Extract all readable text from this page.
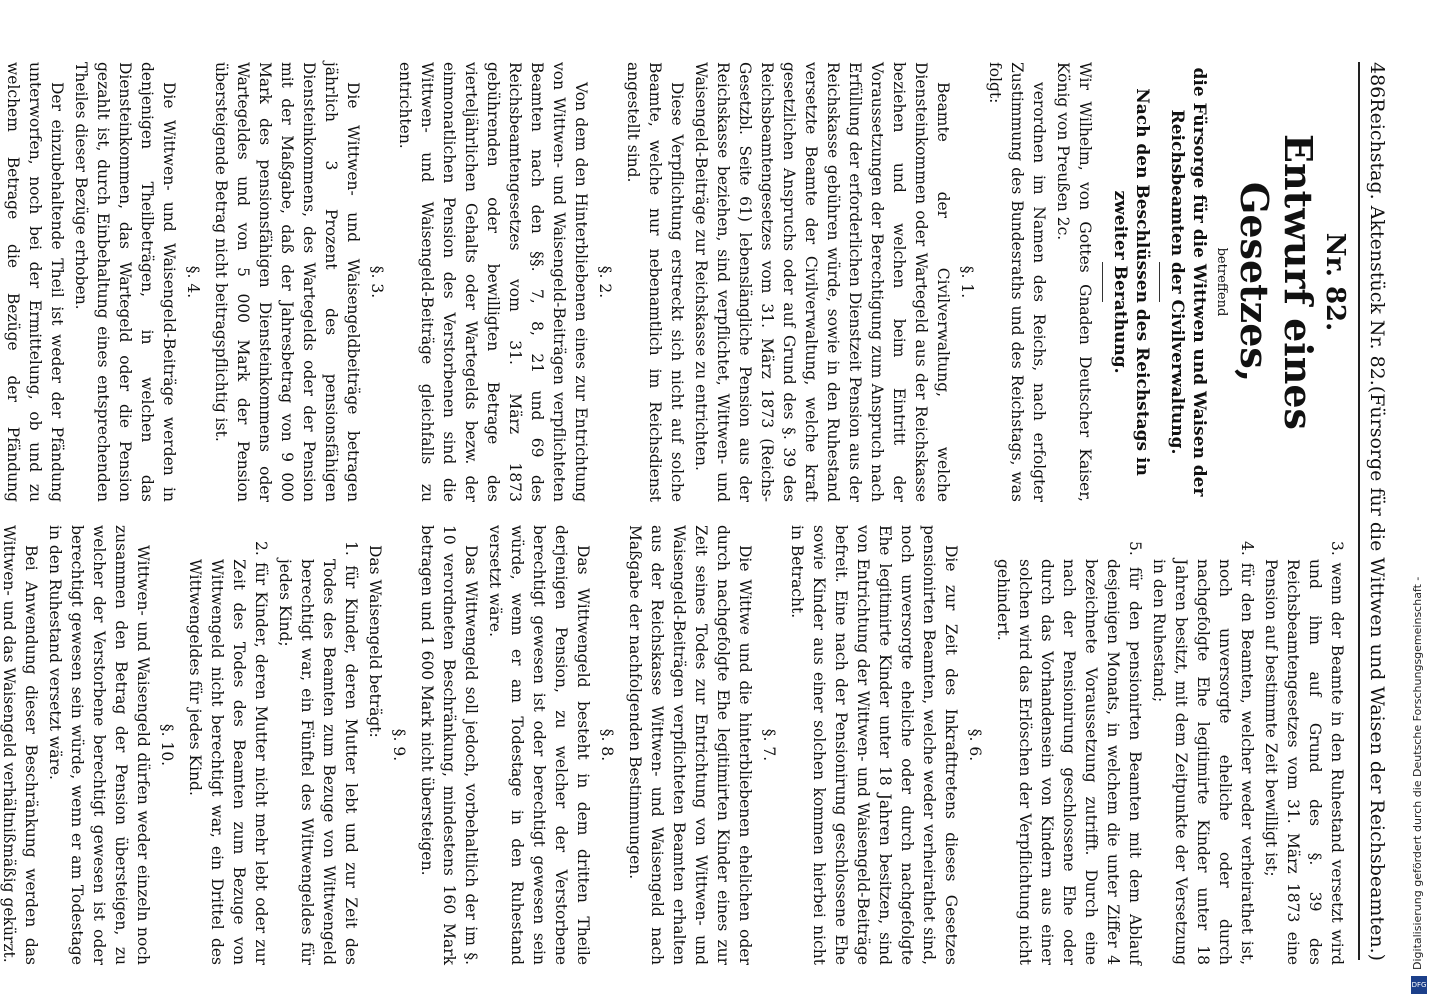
486
Reichstag. Aktenstück Nr. 82.
(Fürsorge für die Wittwen und Waisen der Reichsbeamten.)
Nr. 82.
Entwurf eines Gesetzes,
betreffend
die Fürsorge für die Wittwen und Waisen der Reichsbeamten der Civilverwaltung.
Nach den Beschlüssen des Reichstags in zweiter Berathung.

Wir Wilhelm, von Gottes Gnaden Deutscher Kaiser, König von Preußen 2c.

verordnen im Namen des Reichs, nach erfolgter Zustimmung des Bundesraths und des Reichstags, was folgt:

§. 1.

Beamte der Civilverwaltung, welche Diensteinkommen oder Wartegeld aus der Reichskasse beziehen und welchen beim Eintritt der Voraussetzungen der Berechtigung zum Anspruch nach Erfüllung der erforderlichen Dienstzeit Pension aus der Reichskasse gebühren würde, sowie in den Ruhestand versetzte Beamte der Civilverwaltung, welche kraft gesetzlichen Anspruchs oder auf Grund des §. 39 des Reichsbeamtengesetzes vom 31. März 1873 (Reichs-Gesetzbl. Seite 61) lebenslängliche Pension aus der Reichskasse beziehen, sind verpflichtet, Wittwen- und Waisengeld-Beiträge zur Reichskasse zu entrichten.

Diese Verpflichtung erstreckt sich nicht auf solche Beamte, welche nur nebenamtlich im Reichsdienst angestellt sind.

§. 2.

Von dem den Hinterbliebenen eines zur Entrichtung von Wittwen- und Waisengeld-Beiträgen verpflichteten Beamten nach den §§. 7, 8, 21 und 69 des Reichsbeamtengesetzes vom 31. März 1873 gebührenden oder bewilligten Betrage des vierteljährlichen Gehalts oder Wartegelds bezw. der einmonatlichen Pension des Verstorbenen sind die Wittwen- und Waisengeld-Beiträge gleichfalls zu entrichten.

§. 3.

Die Wittwen- und Waisengeldbeiträge betragen jährlich 3 Prozent des pensionsfähigen Diensteinkommens, des Wartegelds oder der Pension mit der Maßgabe, daß der Jahresbetrag von 9 000 Mark des pensionsfähigen Diensteinkommens oder Wartegeldes und von 5 000 Mark der Pension übersteigende Betrag nicht beitragspflichtig ist.

§. 4.

Die Wittwen- und Waisengeld-Beiträge werden in denjenigen Theilbeträgen, in welchen das Diensteinkommen, das Wartegeld oder die Pension gezahlt ist, durch Einbehaltung eines entsprechenden Theiles dieser Bezüge erhoben.

Der einzubehaltende Theil ist weder der Pfändung unterworfen, noch bei der Ermittelung, ob und zu welchem Betrage die Bezüge der Pfändung

3. wenn der Beamte in den Ruhestand versetzt wird und ihm auf Grund des §. 39 des Reichsbeamtengesetzes vom 31. März 1873 eine Pension auf bestimmte Zeit bewilligt ist;

4. für den Beamten, welcher weder verheirathet ist, noch unversorgte eheliche oder durch nachgefolgte Ehe legitimirte Kinder unter 18 Jahren besitzt, mit dem Zeitpunkte der Versetzung in den Ruhestand;

5. für den pensionirten Beamten mit dem Ablauf desjenigen Monats, in welchem die unter Ziffer 4 bezeichnete Voraussetzung zutrifft. Durch eine nach der Pensionirung geschlossene Ehe oder durch das Vorhandensein von Kindern aus einer solchen wird das Erlöschen der Verpflichtung nicht gehindert.

§. 6.

Die zur Zeit des Inkrafttretens dieses Gesetzes pensionirten Beamten, welche weder verheirathet sind, noch unversorgte eheliche oder durch nachgefolgte Ehe legitimirte Kinder unter 18 Jahren besitzen, sind von Entrichtung der Wittwen- und Waisengeld-Beiträge befreit. Eine nach der Pensionirung geschlossene Ehe sowie Kinder aus einer solchen kommen hierbei nicht in Betracht.

§. 7.

Die Wittwe und die hinterbliebenen ehelichen oder durch nachgefolgte Ehe legitimirten Kinder eines zur Zeit seines Todes zur Entrichtung von Wittwen- und Waisengeld-Beiträgen verpflichteten Beamten erhalten aus der Reichskasse Wittwen- und Waisengeld nach Maßgabe der nachfolgenden Bestimmungen.

§. 8.

Das Wittwengeld besteht in dem dritten Theile derjenigen Pension, zu welcher der Verstorbene berechtigt gewesen ist oder berechtigt gewesen sein würde, wenn er am Todestage in den Ruhestand versetzt wäre.

Das Wittwengeld soll jedoch, vorbehaltlich der im §. 10 verordneten Beschränkung, mindestens 160 Mark betragen und 1 600 Mark nicht übersteigen.

§. 9.

Das Waisengeld beträgt:

1. für Kinder, deren Mutter lebt und zur Zeit des Todes des Beamten zum Bezuge von Wittwengeld berechtigt war, ein Fünftel des Wittwengeldes für jedes Kind;

2. für Kinder, deren Mutter nicht mehr lebt oder zur Zeit des Todes des Beamten zum Bezuge von Wittwengeld nicht berechtigt war, ein Drittel des Wittwengeldes für jedes Kind.

§. 10.

Wittwen- und Waisengeld dürfen weder einzeln noch zusammen den Betrag der Pension übersteigen, zu welcher der Verstorbene berechtigt gewesen ist oder berechtigt gewesen sein würde, wenn er am Todestage in den Ruhestand versetzt wäre.

Bei Anwendung dieser Beschränkung werden das Wittwen- und das Waisengeld verhältnißmäßig gekürzt.	Digitalisierung gefördert durch die Deutsche Forschungsgemeinschaft -
DFG
